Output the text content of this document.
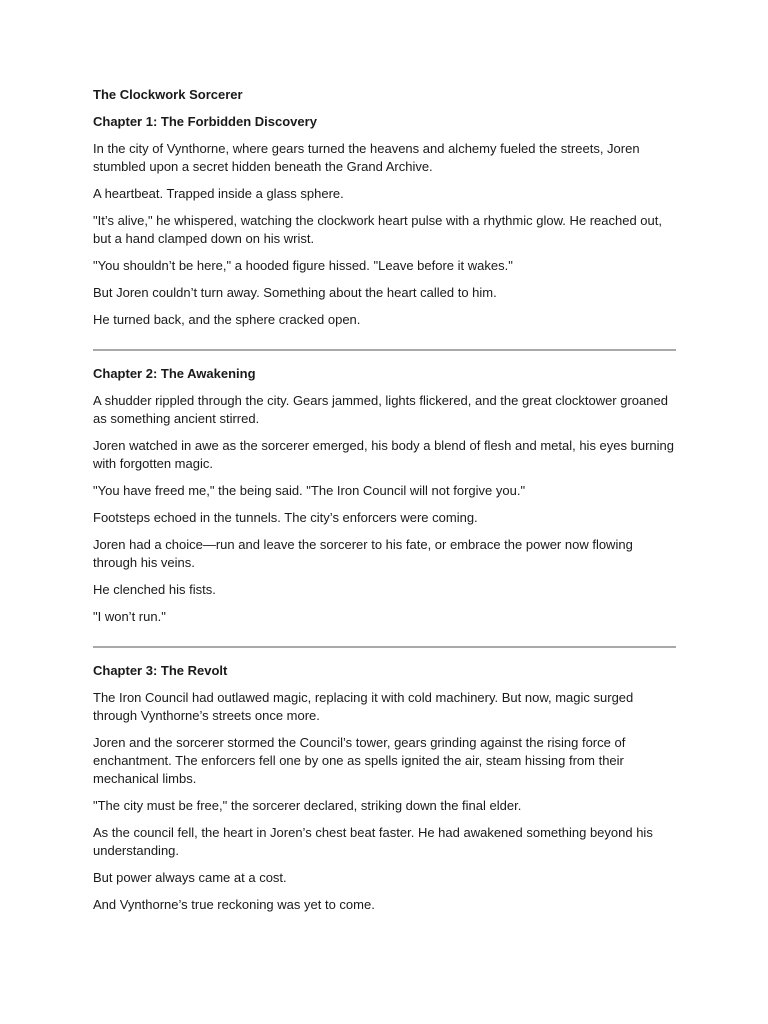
The Clockwork Sorcerer

Chapter 1: The Forbidden Discovery

In the city of Vynthorne, where gears turned the heavens and alchemy fueled the streets, Joren stumbled upon a secret hidden beneath the Grand Archive.

A heartbeat. Trapped inside a glass sphere.

"It’s alive," he whispered, watching the clockwork heart pulse with a rhythmic glow. He reached out, but a hand clamped down on his wrist.

"You shouldn’t be here," a hooded figure hissed. "Leave before it wakes."

But Joren couldn’t turn away. Something about the heart called to him.

He turned back, and the sphere cracked open.

Chapter 2: The Awakening

A shudder rippled through the city. Gears jammed, lights flickered, and the great clocktower groaned as something ancient stirred.

Joren watched in awe as the sorcerer emerged, his body a blend of flesh and metal, his eyes burning with forgotten magic.

"You have freed me," the being said. "The Iron Council will not forgive you."

Footsteps echoed in the tunnels. The city’s enforcers were coming.

Joren had a choice—run and leave the sorcerer to his fate, or embrace the power now flowing through his veins.

He clenched his fists.

"I won’t run."

Chapter 3: The Revolt

The Iron Council had outlawed magic, replacing it with cold machinery. But now, magic surged through Vynthorne’s streets once more.

Joren and the sorcerer stormed the Council’s tower, gears grinding against the rising force of enchantment. The enforcers fell one by one as spells ignited the air, steam hissing from their mechanical limbs.

"The city must be free," the sorcerer declared, striking down the final elder.

As the council fell, the heart in Joren’s chest beat faster. He had awakened something beyond his understanding.

But power always came at a cost.

And Vynthorne’s true reckoning was yet to come.
